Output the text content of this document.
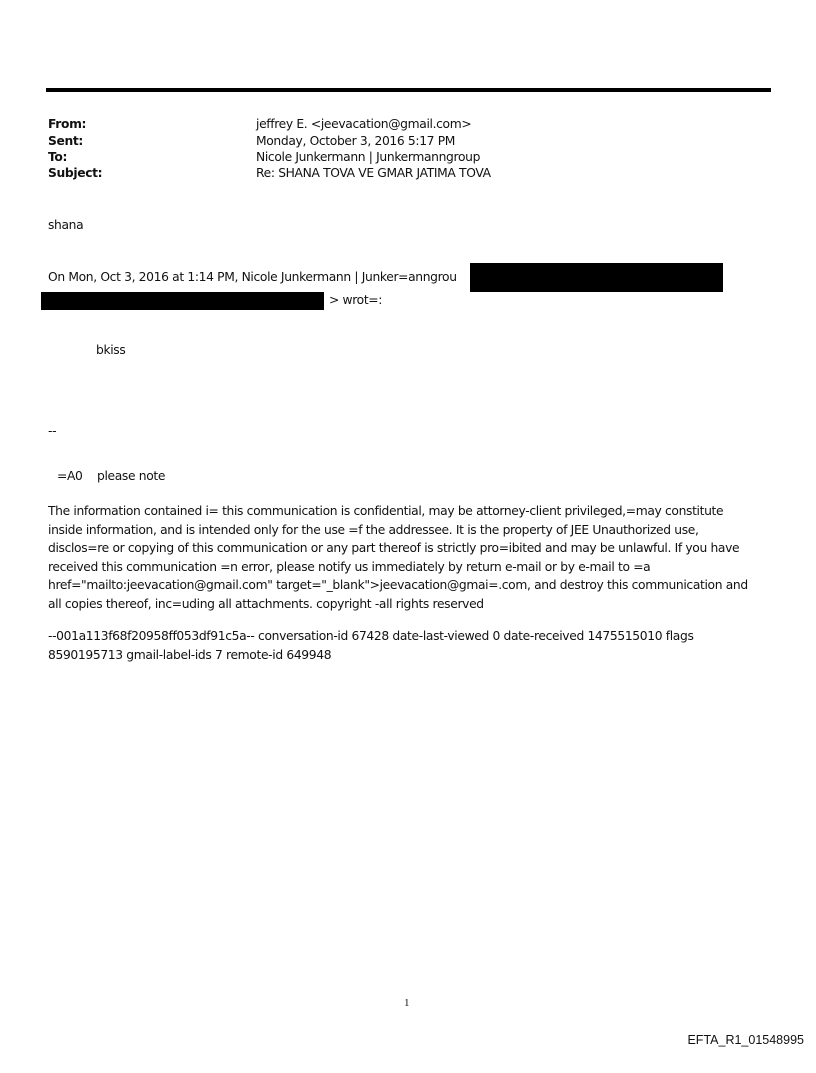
From:	jeffrey E. <jeevacation@gmail.com>
Sent:	Monday, October 3, 2016 5:17 PM
To:	Nicole Junkermann | Junkermanngroup
Subject:	Re: SHANA TOVA VE GMAR JATIMA TOVA
shana
On Mon, Oct 3, 2016 at 1:14 PM, Nicole Junkermann | Junker=anngrou
> wrot=:
bkiss
--
=A0 please note
The information contained i= this communication is confidential, may be attorney-client privileged,=may constitute
inside information, and is intended only for the use =f the addressee. It is the property of JEE Unauthorized use,
disclos=re or copying of this communication or any part thereof is strictly pro=ibited and may be unlawful. If you have
received this communication =n error, please notify us immediately by return e-mail or by e-mail to =a
href="mailto:jeevacation@gmail.com" target="_blank">jeevacation@gmai=.com, and destroy this communication and
all copies thereof, inc=uding all attachments. copyright -all rights reserved
--001a113f68f20958ff053df91c5a-- conversation-id 67428 date-last-viewed 0 date-received 1475515010 flags
8590195713 gmail-label-ids 7 remote-id 649948
1
EFTA_R1_01548995
